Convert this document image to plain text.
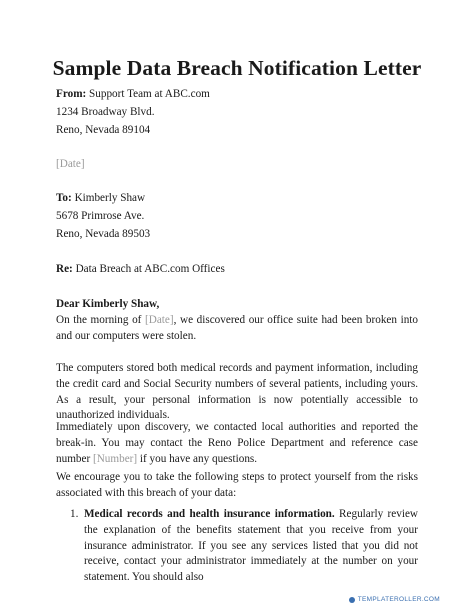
Sample Data Breach Notification Letter
From: Support Team at ABC.com
1234 Broadway Blvd.
Reno, Nevada 89104
[Date]
To: Kimberly Shaw
5678 Primrose Ave.
Reno, Nevada 89503
Re: Data Breach at ABC.com Offices
Dear Kimberly Shaw,
On the morning of [Date], we discovered our office suite had been broken into and our computers were stolen.
The computers stored both medical records and payment information, including the credit card and Social Security numbers of several patients, including yours. As a result, your personal information is now potentially accessible to unauthorized individuals.
Immediately upon discovery, we contacted local authorities and reported the break-in. You may contact the Reno Police Department and reference case number [Number] if you have any questions.
We encourage you to take the following steps to protect yourself from the risks associated with this breach of your data:
1. Medical records and health insurance information. Regularly review the explanation of the benefits statement that you receive from your insurance administrator. If you see any services listed that you did not receive, contact your administrator immediately at the number on your statement. You should also
TEMPLATEROLLER.COM
